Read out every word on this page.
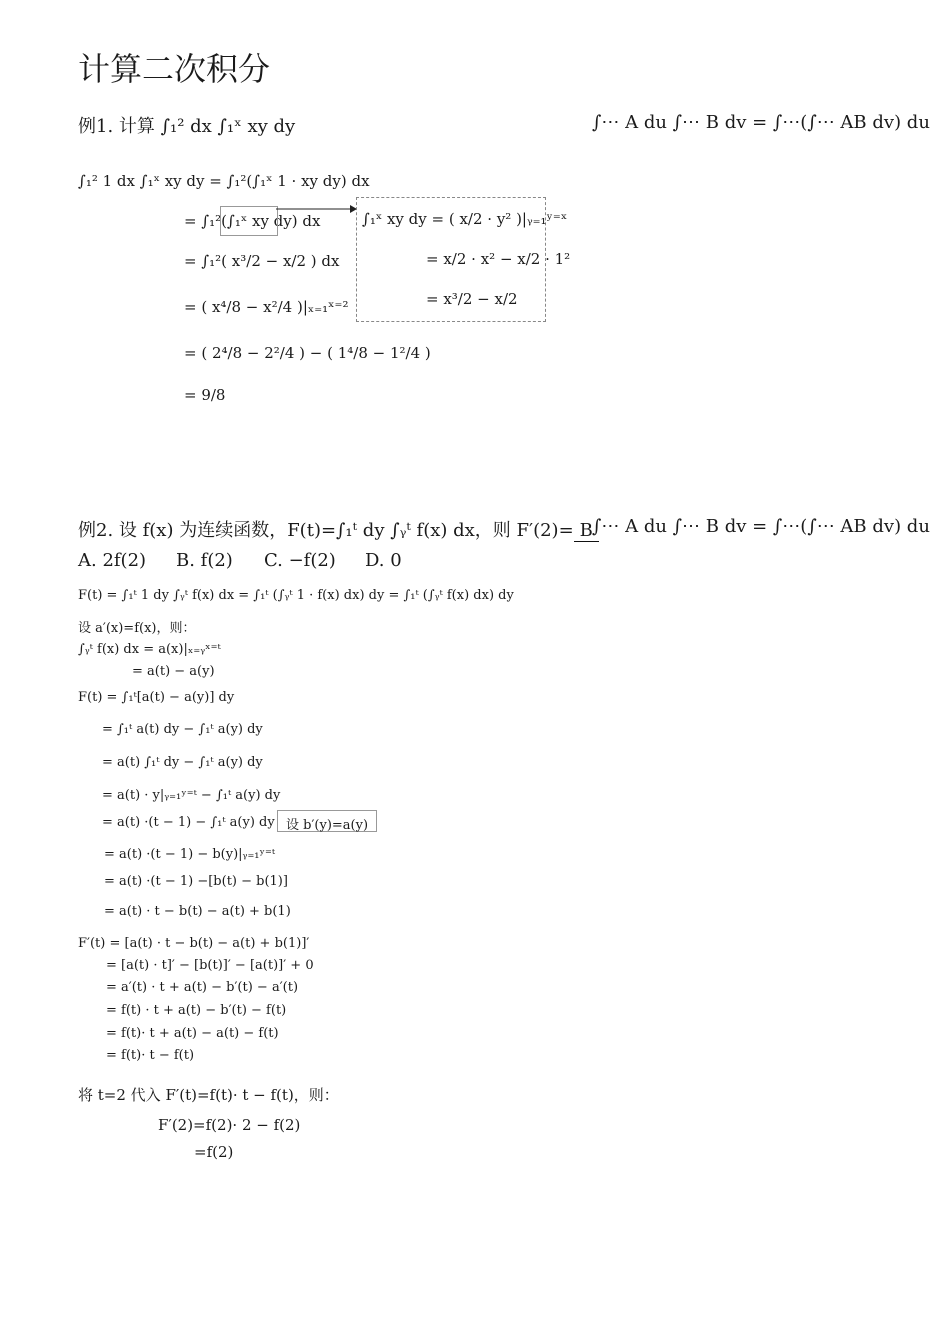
计算二次积分
例1. 计算 ∫₁² dx ∫₁ˣ xy dy	∫⋯ A du ∫⋯ B dv = ∫⋯(∫⋯ AB dv) du
∫₁² 1 dx ∫₁ˣ xy dy = ∫₁²(∫₁ˣ 1 · xy dy) dx
= ∫₁²(∫₁ˣ xy dy) dx
= ∫₁²( x³/2 − x/2 ) dx
= ( x⁴/8 − x²/4 )|ₓ₌₁ˣ⁼²
= ( 2⁴/8 − 2²/4 ) − ( 1⁴/8 − 1²/4 )
= 9/8
∫₁ˣ xy dy = ( x/2 · y² )|ᵧ₌₁ʸ⁼ˣ
= x/2 · x² − x/2 · 1²
= x³/2 − x/2
例2. 设 f(x) 为连续函数，F(t)=∫₁ᵗ dy ∫ᵧᵗ f(x) dx，则 F′(2)= B ∫⋯ A du ∫⋯ B dv = ∫⋯(∫⋯ AB dv) du
A. 2f(2) B. f(2) C. −f(2) D. 0
F(t) = ∫₁ᵗ 1 dy ∫ᵧᵗ f(x) dx = ∫₁ᵗ (∫ᵧᵗ 1 · f(x) dx) dy = ∫₁ᵗ (∫ᵧᵗ f(x) dx) dy
设 a′(x)=f(x)，则：
∫ᵧᵗ f(x) dx = a(x)|ₓ₌ᵧˣ⁼ᵗ
= a(t) − a(y)
F(t) = ∫₁ᵗ[a(t) − a(y)] dy
= ∫₁ᵗ a(t) dy − ∫₁ᵗ a(y) dy
= a(t) ∫₁ᵗ dy − ∫₁ᵗ a(y) dy
= a(t) · y|ᵧ₌₁ʸ⁼ᵗ − ∫₁ᵗ a(y) dy
= a(t) ·(t − 1) − ∫₁ᵗ a(y) dy 设 b′(y)=a(y)
= a(t) ·(t − 1) − b(y)|ᵧ₌₁ʸ⁼ᵗ
= a(t) ·(t − 1) −[b(t) − b(1)]
= a(t) · t − b(t) − a(t) + b(1)
F′(t) = [a(t) · t − b(t) − a(t) + b(1)]′
= [a(t) · t]′ − [b(t)]′ − [a(t)]′ + 0
= a′(t) · t + a(t) − b′(t) − a′(t)
= f(t) · t + a(t) − b′(t) − f(t)
= f(t)· t + a(t) − a(t) − f(t)
= f(t)· t − f(t)
将 t=2 代入 F′(t)=f(t)· t − f(t)，则：
F′(2)=f(2)· 2 − f(2)
=f(2)
